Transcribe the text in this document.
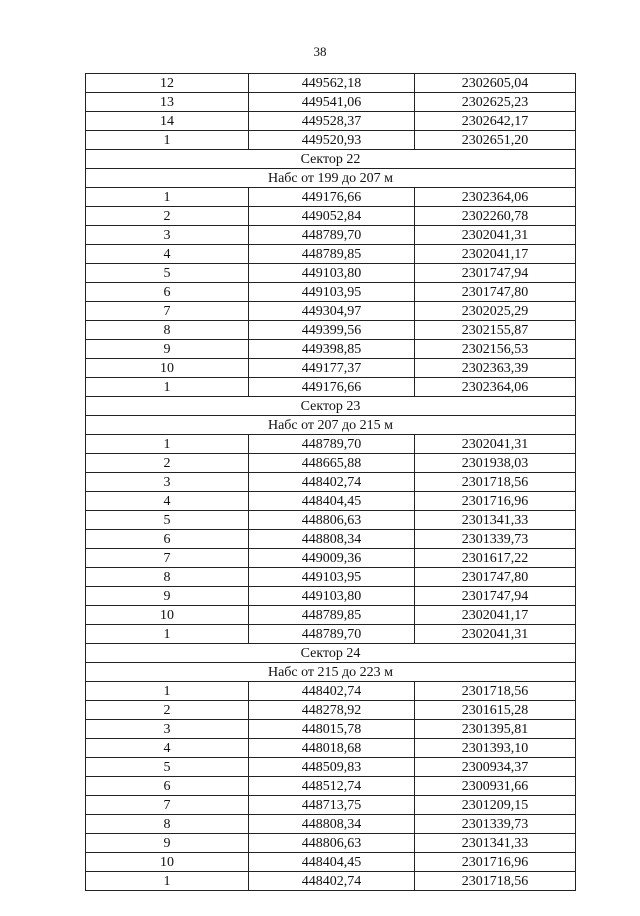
38
12	449562,18	2302605,04
13	449541,06	2302625,23
14	449528,37	2302642,17
1	449520,93	2302651,20
Сектор 22		
Набс от 199 до 207 м		
1	449176,66	2302364,06
2	449052,84	2302260,78
3	448789,70	2302041,31
4	448789,85	2302041,17
5	449103,80	2301747,94
6	449103,95	2301747,80
7	449304,97	2302025,29
8	449399,56	2302155,87
9	449398,85	2302156,53
10	449177,37	2302363,39
1	449176,66	2302364,06
Сектор 23		
Набс от 207 до 215 м		
1	448789,70	2302041,31
2	448665,88	2301938,03
3	448402,74	2301718,56
4	448404,45	2301716,96
5	448806,63	2301341,33
6	448808,34	2301339,73
7	449009,36	2301617,22
8	449103,95	2301747,80
9	449103,80	2301747,94
10	448789,85	2302041,17
1	448789,70	2302041,31
Сектор 24		
Набс от 215 до 223 м		
1	448402,74	2301718,56
2	448278,92	2301615,28
3	448015,78	2301395,81
4	448018,68	2301393,10
5	448509,83	2300934,37
6	448512,74	2300931,66
7	448713,75	2301209,15
8	448808,34	2301339,73
9	448806,63	2301341,33
10	448404,45	2301716,96
1	448402,74	2301718,56
